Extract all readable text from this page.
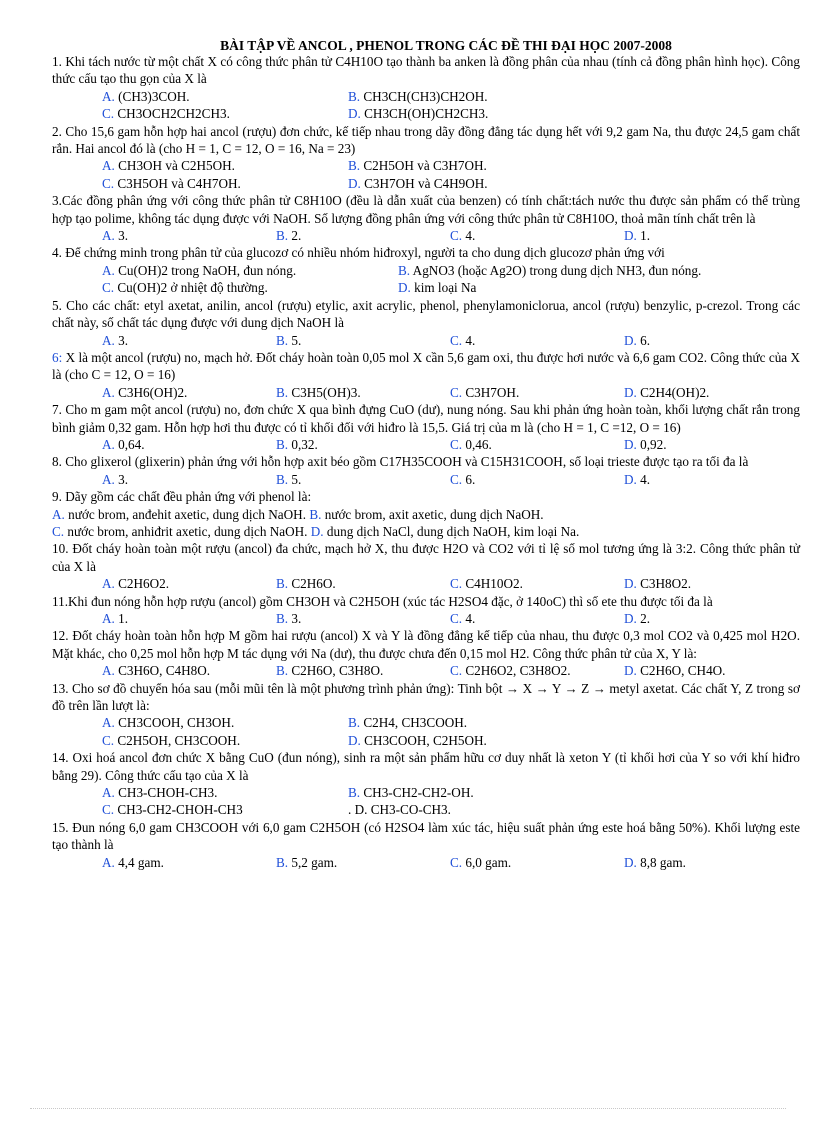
BÀI TẬP VỀ ANCOL , PHENOL TRONG CÁC ĐỀ THI ĐẠI HỌC 2007-2008
1. Khi tách nước từ một chất X có công thức phân tử C4H10O tạo thành ba anken là đồng phân của nhau (tính cả đồng phân hình học). Công thức cấu tạo thu gọn của X là
A. (CH3)3COH.	B. CH3CH(CH3)CH2OH.
C. CH3OCH2CH2CH3.	D. CH3CH(OH)CH2CH3.
2. Cho 15,6 gam hỗn hợp hai ancol (rượu) đơn chức, kế tiếp nhau trong dãy đồng đẳng tác dụng hết với 9,2 gam Na, thu được 24,5 gam chất rắn. Hai ancol đó là (cho H = 1, C = 12, O = 16, Na = 23)
A. CH3OH và C2H5OH.	B. C2H5OH và C3H7OH.
C. C3H5OH và C4H7OH.	D. C3H7OH và C4H9OH.
3.Các đồng phân ứng với công thức phân tử C8H10O (đều là dẫn xuất của benzen) có tính chất:tách nước thu được sản phẩm có thể trùng hợp tạo polime, không tác dụng được với NaOH. Số lượng đồng phân ứng với công thức phân tử C8H10O, thoả mãn tính chất trên là
A. 3.	B. 2.	C. 4.	D. 1.
4. Để chứng minh trong phân tử của glucozơ có nhiều nhóm hiđroxyl, người ta cho dung dịch glucozơ phản ứng với
A. Cu(OH)2 trong NaOH, đun nóng.	B. AgNO3 (hoặc Ag2O) trong dung dịch NH3, đun nóng.
C. Cu(OH)2 ở nhiệt độ thường.	D. kim loại Na
5. Cho các chất: etyl axetat, anilin, ancol (rượu) etylic, axit acrylic, phenol, phenylamoniclorua, ancol (rượu) benzylic, p-crezol. Trong các chất này, số chất tác dụng được với dung dịch NaOH là
A. 3.	B. 5.	C. 4.	D. 6.
6: X là một ancol (rượu) no, mạch hở. Đốt cháy hoàn toàn 0,05 mol X cần 5,6 gam oxi, thu được hơi nước và 6,6 gam CO2. Công thức của X là (cho C = 12, O = 16)
A. C3H6(OH)2.	B. C3H5(OH)3.	C. C3H7OH.	D. C2H4(OH)2.
7. Cho m gam một ancol (rượu) no, đơn chức X qua bình đựng CuO (dư), nung nóng. Sau khi phản ứng hoàn toàn, khối lượng chất rắn trong bình giảm 0,32 gam. Hỗn hợp hơi thu được có tỉ khối đối với hiđro là 15,5. Giá trị của m là (cho H = 1, C =12, O = 16)
A. 0,64.	B. 0,32.	C. 0,46.	D. 0,92.
8. Cho glixerol (glixerin) phản ứng với hỗn hợp axit béo gồm C17H35COOH và C15H31COOH, số loại trieste được tạo ra tối đa là
A. 3.	B. 5.	C. 6.	D. 4.
9. Dãy gồm các chất đều phản ứng với phenol là:
A. nước brom, anđehit axetic, dung dịch NaOH. B. nước brom, axit axetic, dung dịch NaOH.
C. nước brom, anhiđrit axetic, dung dịch NaOH. D. dung dịch NaCl, dung dịch NaOH, kim loại Na.
10. Đốt cháy hoàn toàn một rượu (ancol) đa chức, mạch hở X, thu được H2O và CO2 với tỉ lệ số mol tương ứng là 3:2. Công thức phân tử của X là
A. C2H6O2.	B. C2H6O.	C. C4H10O2.	D. C3H8O2.
11.Khi đun nóng hỗn hợp rượu (ancol) gồm CH3OH và C2H5OH (xúc tác H2SO4 đặc, ở 140oC) thì số ete thu được tối đa là
A. 1.	B. 3.	C. 4.	D. 2.
12. Đốt cháy hoàn toàn hỗn hợp M gồm hai rượu (ancol) X và Y là đồng đẳng kế tiếp của nhau, thu được 0,3 mol CO2 và 0,425 mol H2O. Mặt khác, cho 0,25 mol hỗn hợp M tác dụng với Na (dư), thu được chưa đến 0,15 mol H2. Công thức phân tử của X, Y là:
A. C3H6O, C4H8O.	B. C2H6O, C3H8O.	C. C2H6O2, C3H8O2.	D. C2H6O, CH4O.
13. Cho sơ đồ chuyển hóa sau (mỗi mũi tên là một phương trình phản ứng): Tinh bột → X → Y → Z → metyl axetat. Các chất Y, Z trong sơ đồ trên lần lượt là:
A. CH3COOH, CH3OH.	B. C2H4, CH3COOH.
C. C2H5OH, CH3COOH.	D. CH3COOH, C2H5OH.
14. Oxi hoá ancol đơn chức X bằng CuO (đun nóng), sinh ra một sản phẩm hữu cơ duy nhất là xeton Y (tỉ khối hơi của Y so với khí hiđro bằng 29). Công thức cấu tạo của X là
A. CH3-CHOH-CH3.	B. CH3-CH2-CH2-OH.
C. CH3-CH2-CHOH-CH3	. D. CH3-CO-CH3.
15. Đun nóng 6,0 gam CH3COOH với 6,0 gam C2H5OH (có H2SO4 làm xúc tác, hiệu suất phản ứng este hoá bằng 50%). Khối lượng este tạo thành là
A. 4,4 gam.	B. 5,2 gam.	C. 6,0 gam.	D. 8,8 gam.
